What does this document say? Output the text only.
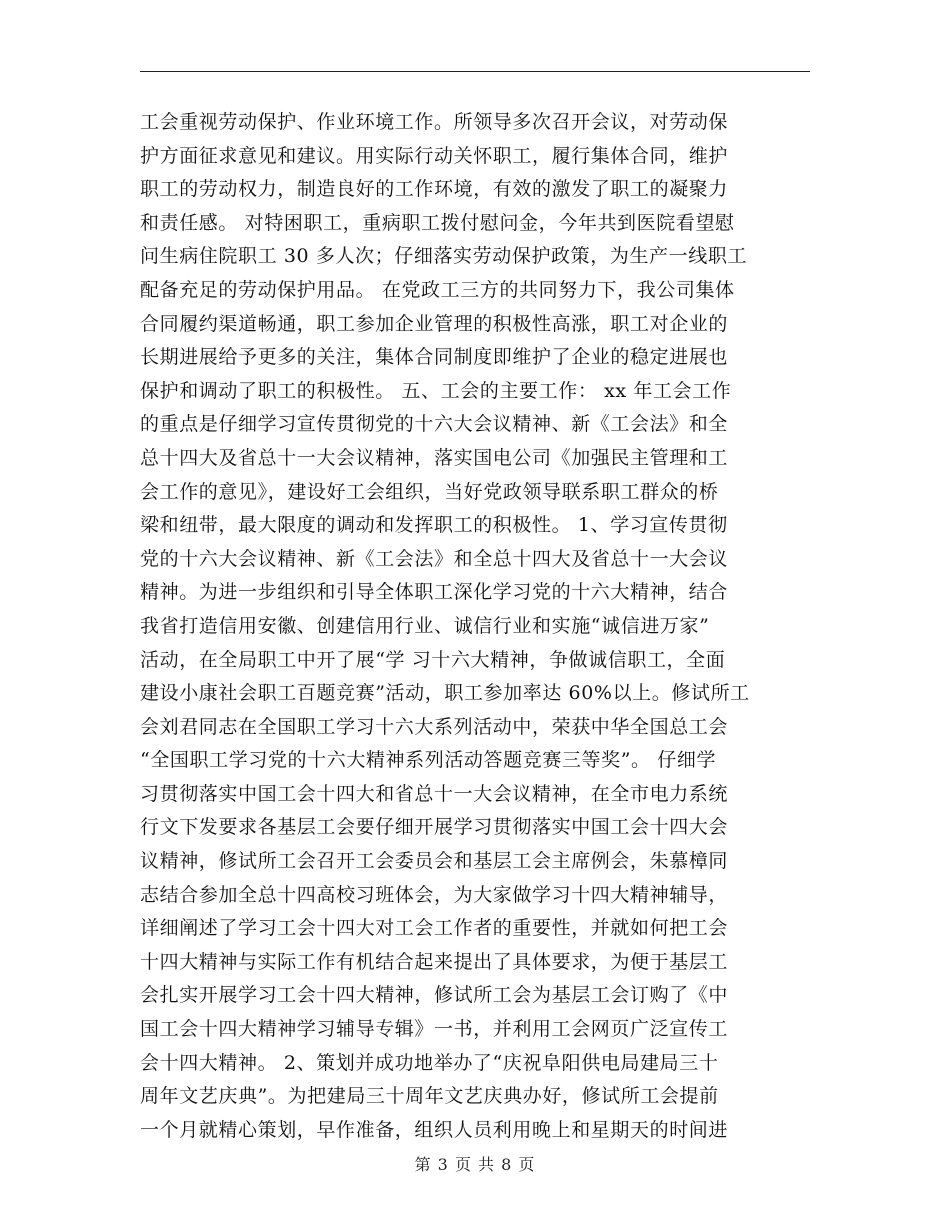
工会重视劳动保护、作业环境工作。所领导多次召开会议，对劳动保
护方面征求意见和建议。用实际行动关怀职工，履行集体合同，维护
职工的劳动权力，制造良好的工作环境，有效的激发了职工的凝聚力
和责任感。 对特困职工，重病职工拨付慰问金，今年共到医院看望慰
问生病住院职工 30 多人次；仔细落实劳动保护政策，为生产一线职工
配备充足的劳动保护用品。 在党政工三方的共同努力下，我公司集体
合同履约渠道畅通，职工参加企业管理的积极性高涨，职工对企业的
长期进展给予更多的关注，集体合同制度即维护了企业的稳定进展也
保护和调动了职工的积极性。 五、工会的主要工作： xx 年工会工作
的重点是仔细学习宣传贯彻党的十六大会议精神、新《工会法》和全
总十四大及省总十一大会议精神，落实国电公司《加强民主管理和工
会工作的意见》，建设好工会组织，当好党政领导联系职工群众的桥
梁和纽带，最大限度的调动和发挥职工的积极性。 1、学习宣传贯彻
党的十六大会议精神、新《工会法》和全总十四大及省总十一大会议
精神。为进一步组织和引导全体职工深化学习党的十六大精神，结合
我省打造信用安徽、创建信用行业、诚信行业和实施“诚信进万家”
活动，在全局职工中开了展“学 习十六大精神，争做诚信职工，全面
建设小康社会职工百题竞赛”活动，职工参加率达 60%以上。修试所工
会刘君同志在全国职工学习十六大系列活动中，荣获中华全国总工会
“全国职工学习党的十六大精神系列活动答题竞赛三等奖”。 仔细学
习贯彻落实中国工会十四大和省总十一大会议精神，在全市电力系统
行文下发要求各基层工会要仔细开展学习贯彻落实中国工会十四大会
议精神，修试所工会召开工会委员会和基层工会主席例会，朱慕樟同
志结合参加全总十四高校习班体会，为大家做学习十四大精神辅导，
详细阐述了学习工会十四大对工会工作者的重要性，并就如何把工会
十四大精神与实际工作有机结合起来提出了具体要求，为便于基层工
会扎实开展学习工会十四大精神，修试所工会为基层工会订购了《中
国工会十四大精神学习辅导专辑》一书，并利用工会网页广泛宣传工
会十四大精神。 2、策划并成功地举办了“庆祝阜阳供电局建局三十
周年文艺庆典”。为把建局三十周年文艺庆典办好，修试所工会提前
一个月就精心策划，早作准备，组织人员利用晚上和星期天的时间进
第 3 页 共 8 页
